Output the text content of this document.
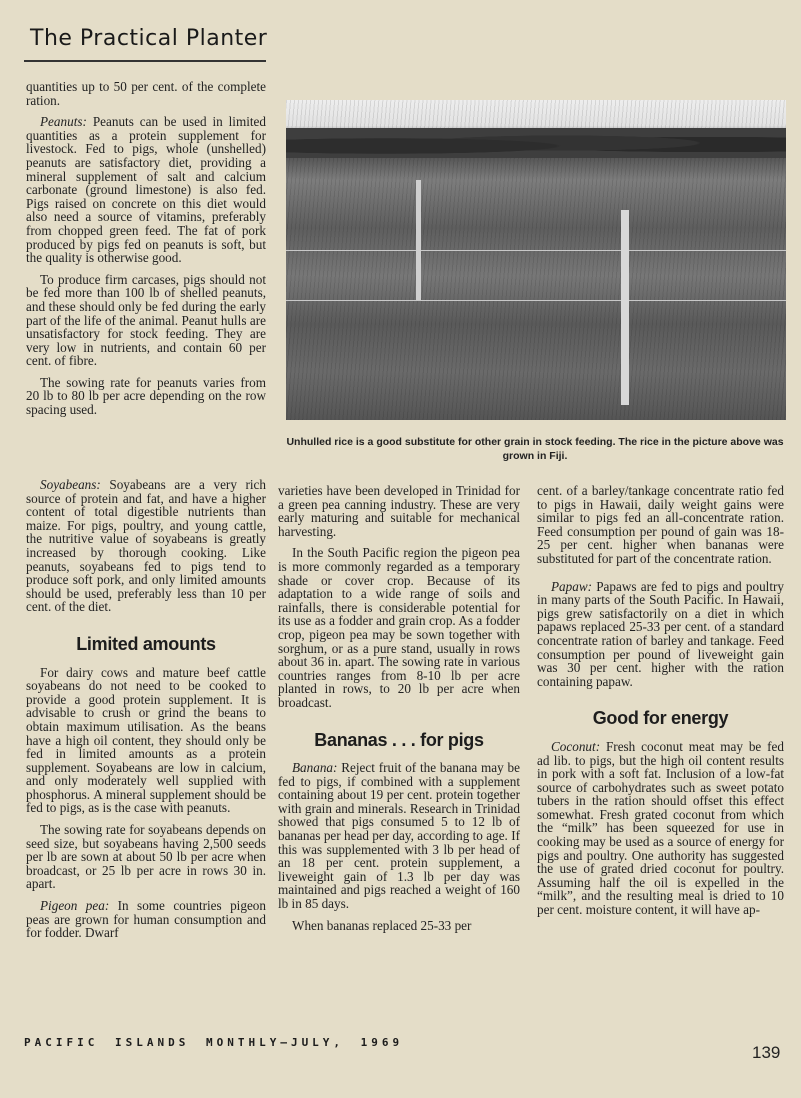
The Practical Planter

quantities up to 50 per cent. of the complete ration.

Peanuts: Peanuts can be used in limited quantities as a protein supplement for livestock. Fed to pigs, whole (unshelled) peanuts are satisfactory diet, providing a mineral supplement of salt and calcium carbonate (ground limestone) is also fed. Pigs raised on concrete on this diet would also need a source of vitamins, preferably from chopped green feed. The fat of pork produced by pigs fed on peanuts is soft, but the quality is otherwise good.

To produce firm carcases, pigs should not be fed more than 100 lb of shelled peanuts, and these should only be fed during the early part of the life of the animal. Peanut hulls are unsatisfactory for stock feeding. They are very low in nutrients, and contain 60 per cent. of fibre.

The sowing rate for peanuts varies from 20 lb to 80 lb per acre depending on the row spacing used.

Unhulled rice is a good substitute for other grain in stock feeding. The rice in the picture above was grown in Fiji.

Soyabeans: Soyabeans are a very rich source of protein and fat, and have a higher content of total digestible nutrients than maize. For pigs, poultry, and young cattle, the nutritive value of soyabeans is greatly increased by thorough cooking. Like peanuts, soyabeans fed to pigs tend to produce soft pork, and only limited amounts should be used, preferably less than 10 per cent. of the diet.

Limited amounts

For dairy cows and mature beef cattle soyabeans do not need to be cooked to provide a good protein supplement. It is advisable to crush or grind the beans to obtain maximum utilisation. As the beans have a high oil content, they should only be fed in limited amounts as a protein supplement. Soyabeans are low in calcium, and only moderately well supplied with phosphorus. A mineral supplement should be fed to pigs, as is the case with peanuts.

The sowing rate for soyabeans depends on seed size, but soyabeans having 2,500 seeds per lb are sown at about 50 lb per acre when broadcast, or 25 lb per acre in rows 30 in. apart.

Pigeon pea: In some countries pigeon peas are grown for human consumption and for fodder. Dwarf

varieties have been developed in Trinidad for a green pea canning industry. These are very early maturing and suitable for mechanical harvesting.

In the South Pacific region the pigeon pea is more commonly regarded as a temporary shade or cover crop. Because of its adaptation to a wide range of soils and rainfalls, there is considerable potential for its use as a fodder and grain crop. As a fodder crop, pigeon pea may be sown together with sorghum, or as a pure stand, usually in rows about 36 in. apart. The sowing rate in various countries ranges from 8-10 lb per acre planted in rows, to 20 lb per acre when broadcast.

Bananas . . . for pigs

Banana: Reject fruit of the banana may be fed to pigs, if combined with a supplement containing about 19 per cent. protein together with grain and minerals. Research in Trinidad showed that pigs consumed 5 to 12 lb of bananas per head per day, according to age. If this was supplemented with 3 lb per head of an 18 per cent. protein supplement, a liveweight gain of 1.3 lb per day was maintained and pigs reached a weight of 160 lb in 85 days.

When bananas replaced 25-33 per

cent. of a barley/tankage concentrate ratio fed to pigs in Hawaii, daily weight gains were similar to pigs fed an all-concentrate ration. Feed consumption per pound of gain was 18-25 per cent. higher when bananas were substituted for part of the concentrate ration.

Papaw: Papaws are fed to pigs and poultry in many parts of the South Pacific. In Hawaii, pigs grew satisfactorily on a diet in which papaws replaced 25-33 per cent. of a standard concentrate ration of barley and tankage. Feed consumption per pound of liveweight gain was 30 per cent. higher with the ration containing papaw.

Good for energy

Coconut: Fresh coconut meat may be fed ad lib. to pigs, but the high oil content results in pork with a soft fat. Inclusion of a low-fat source of carbohydrates such as sweet potato tubers in the ration should offset this effect somewhat. Fresh grated coconut from which the “milk” has been squeezed for use in cooking may be used as a source of energy for pigs and poultry. One authority has suggested the use of grated dried coconut for poultry. Assuming half the oil is expelled in the “milk”, and the resulting meal is dried to 10 per cent. moisture content, it will have ap-

PACIFIC ISLANDS MONTHLY—JULY, 1969
139
